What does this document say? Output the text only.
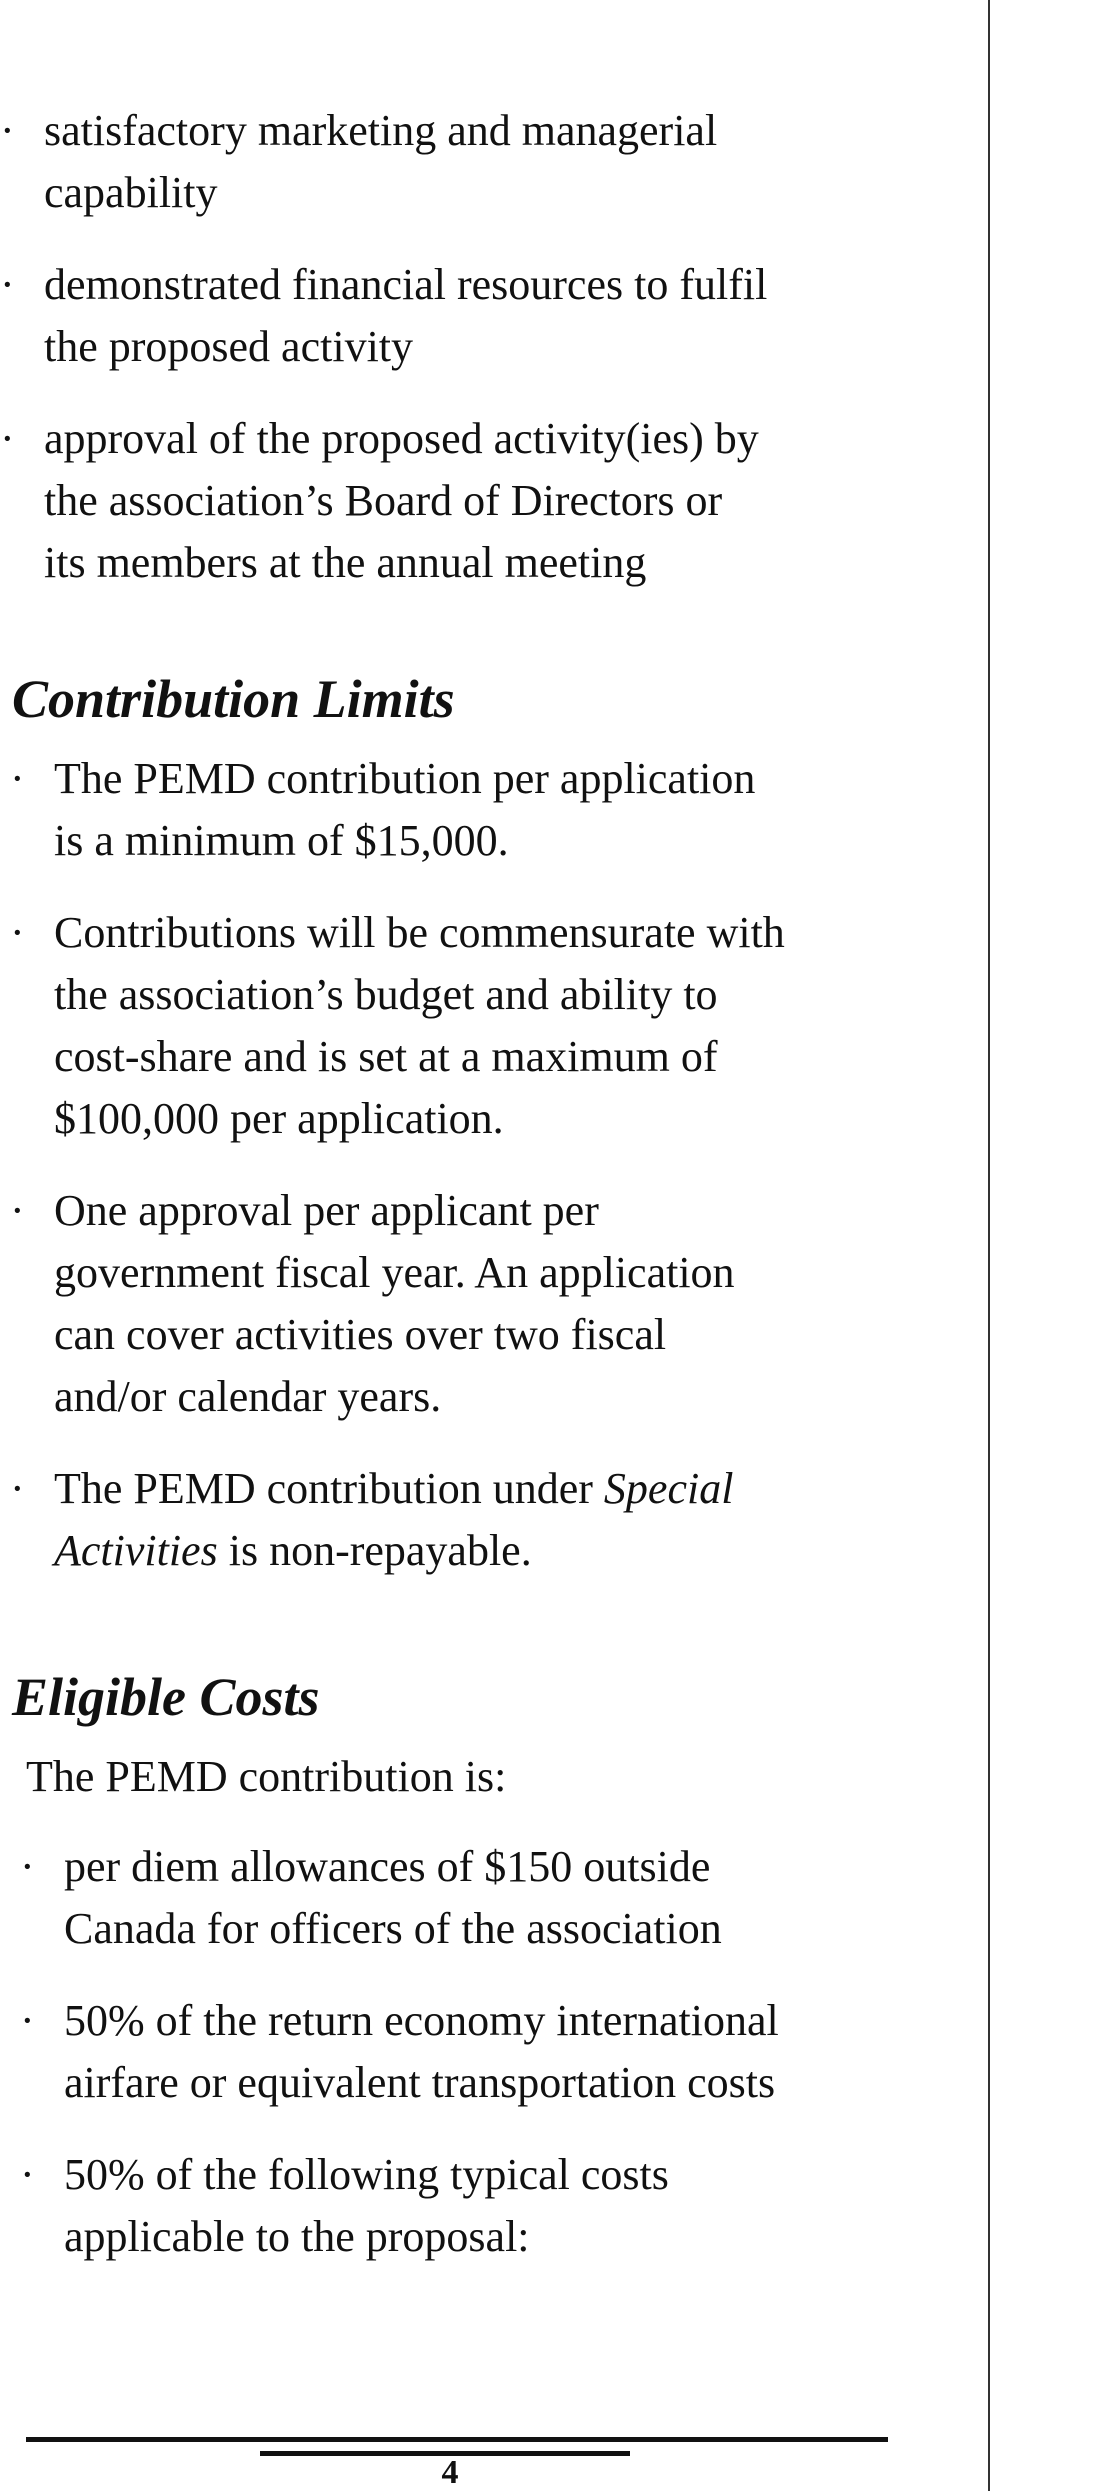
· satisfactory marketing and managerial
capability
· demonstrated financial resources to fulfil
the proposed activity
· approval of the proposed activity(ies) by
the association’s Board of Directors or
its members at the annual meeting
Contribution Limits
· The PEMD contribution per application
is a minimum of $15,000.
· Contributions will be commensurate with
the association’s budget and ability to
cost-share and is set at a maximum of
$100,000 per application.
· One approval per applicant per
government fiscal year. An application
can cover activities over two fiscal
and/or calendar years.
· The PEMD contribution under Special
Activities is non-repayable.
Eligible Costs

The PEMD contribution is:

· per diem allowances of $150 outside
Canada for officers of the association
· 50% of the return economy international
airfare or equivalent transportation costs
· 50% of the following typical costs
applicable to the proposal:
4
